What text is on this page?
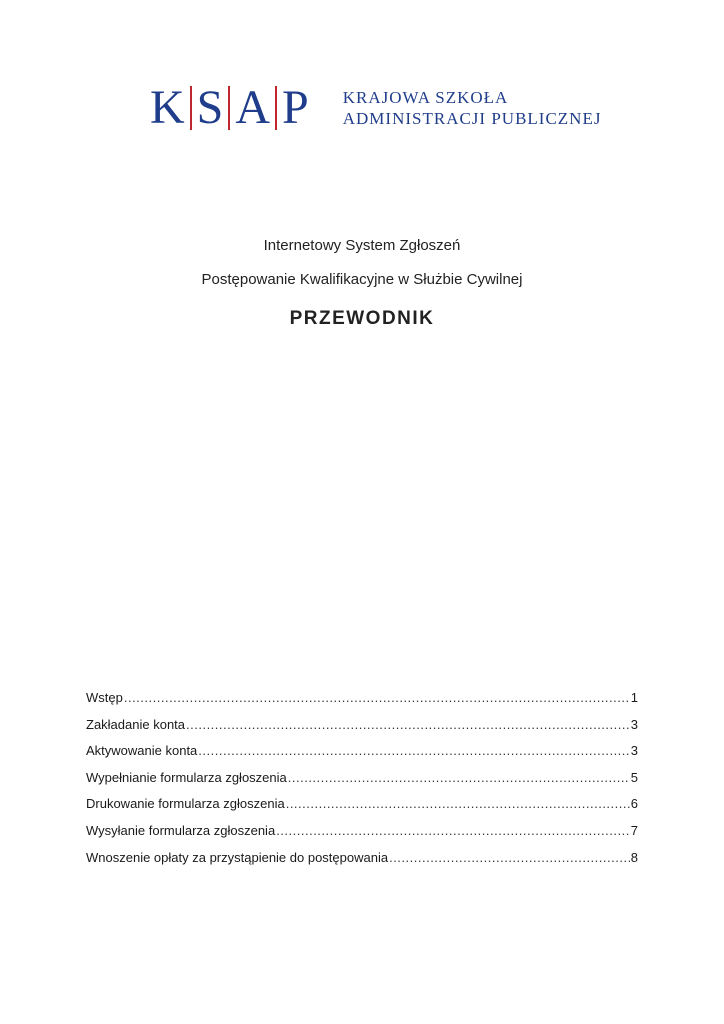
K S A P KRAJOWA SZKOŁA
ADMINISTRACJI PUBLICZNEJ
Internetowy System Zgłoszeń
Postępowanie Kwalifikacyjne w Służbie Cywilnej
PRZEWODNIK
Wstęp .....	1
Zakładanie konta .....	3
Aktywowanie konta .....	3
Wypełnianie formularza zgłoszenia .....	5
Drukowanie formularza zgłoszenia .....	6
Wysyłanie formularza zgłoszenia .....	7
Wnoszenie opłaty za przystąpienie do postępowania .....	8
